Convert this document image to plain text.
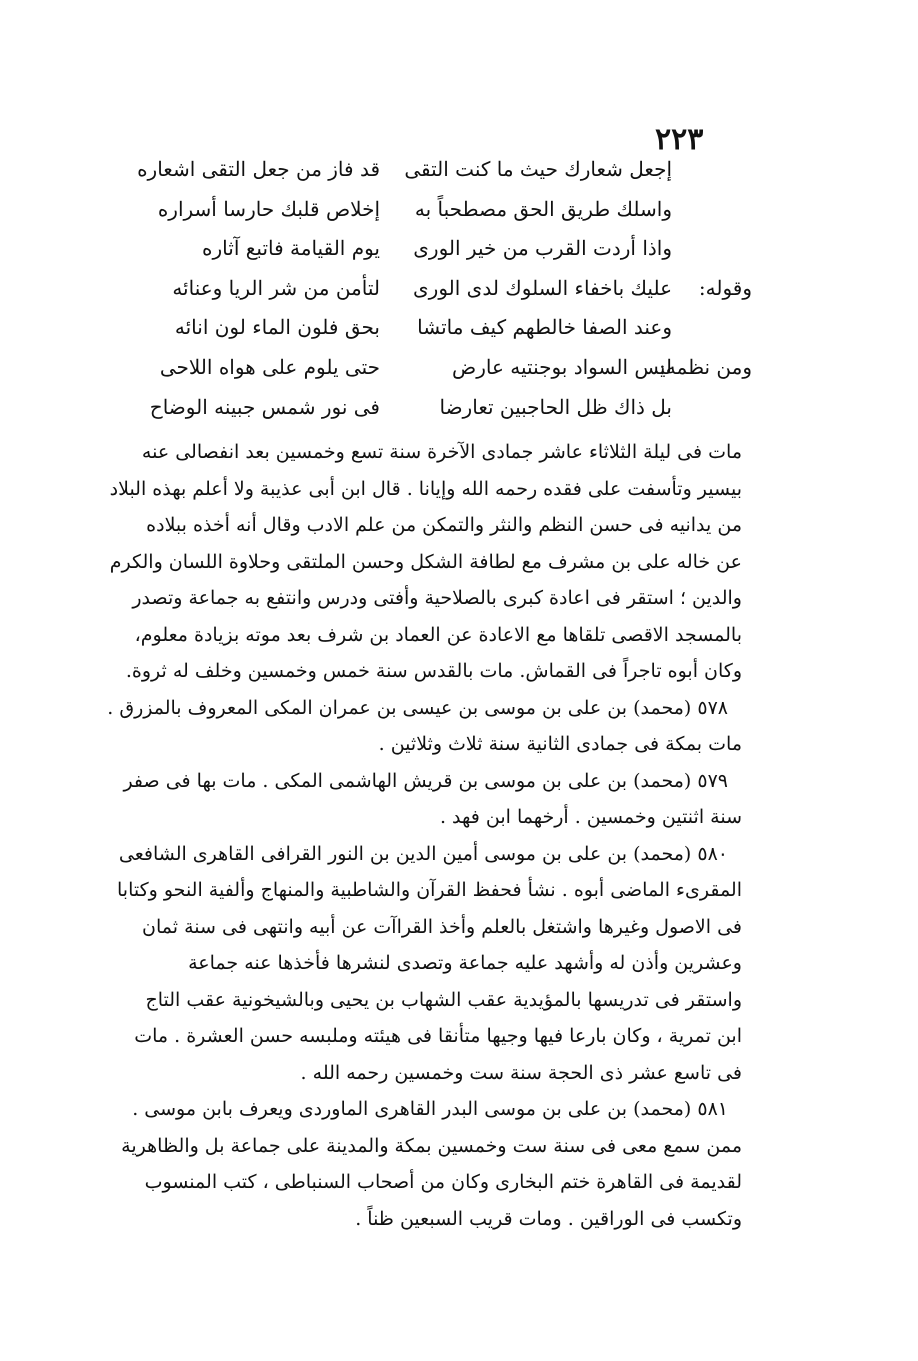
٢٢٣
إجعل شعارك حيث ما كنت التقى
قد فاز من جعل التقى اشعاره
واسلك طريق الحق مصطحباً به
إخلاص قلبك حارسا أسراره
واذا أردت القرب من خير الورى
يوم القيامة فاتبع آثاره
وقوله:
عليك باخفاء السلوك لدى الورى
لتأمن من شر الريا وعنائه
وعند الصفا خالطهم كيف ماتشا
بحق فلون الماء لون انائه
ومن نظمه:
ليس السواد بوجنتيه عارض
حتى يلوم على هواه اللاحى
بل ذاك ظل الحاجبين تعارضا
فى نور شمس جبينه الوضاح
مات فى ليلة الثلاثاء عاشر جمادى الآخرة سنة تسع وخمسين بعد انفصالى عنه
بيسير وتأسفت على فقده رحمه الله وإيانا . قال ابن أبى عذيبة ولا أعلم بهذه البلاد
من يدانيه فى حسن النظم والنثر والتمكن من علم الادب وقال أنه أخذه ببلاده
عن خاله على بن مشرف مع لطافة الشكل وحسن الملتقى وحلاوة اللسان والكرم
والدين ؛ استقر فى اعادة كبرى بالصلاحية وأفتى ودرس وانتفع به جماعة وتصدر
بالمسجد الاقصى تلقاها مع الاعادة عن العماد بن شرف بعد موته بزيادة معلوم،
وكان أبوه تاجراً فى القماش. مات بالقدس سنة خمس وخمسين وخلف له ثروة.
٥٧٨ (محمد) بن على بن موسى بن عيسى بن عمران المكى المعروف بالمزرق .
مات بمكة فى جمادى الثانية سنة ثلاث وثلاثين .
٥٧٩ (محمد) بن على بن موسى بن قريش الهاشمى المكى . مات بها فى صفر
سنة اثنتين وخمسين . أرخهما ابن فهد .
٥٨٠ (محمد) بن على بن موسى أمين الدين بن النور القرافى القاهرى الشافعى
المقرىء الماضى أبوه . نشأ فحفظ القرآن والشاطبية والمنهاج وألفية النحو وكتابا
فى الاصول وغيرها واشتغل بالعلم وأخذ القراآت عن أبيه وانتهى فى سنة ثمان
وعشرين وأذن له وأشهد عليه جماعة وتصدى لنشرها فأخذها عنه جماعة
واستقر فى تدريسها بالمؤيدية عقب الشهاب بن يحيى وبالشيخونية عقب التاج
ابن تمرية ، وكان بارعا فيها وجيها متأنقا فى هيئته وملبسه حسن العشرة . مات
فى تاسع عشر ذى الحجة سنة ست وخمسين رحمه الله .
٥٨١ (محمد) بن على بن موسى البدر القاهرى الماوردى ويعرف بابن موسى .
ممن سمع معى فى سنة ست وخمسين بمكة والمدينة على جماعة بل والظاهرية
لقديمة فى القاهرة ختم البخارى وكان من أصحاب السنباطى ، كتب المنسوب
وتكسب فى الوراقين . ومات قريب السبعين ظناً .
